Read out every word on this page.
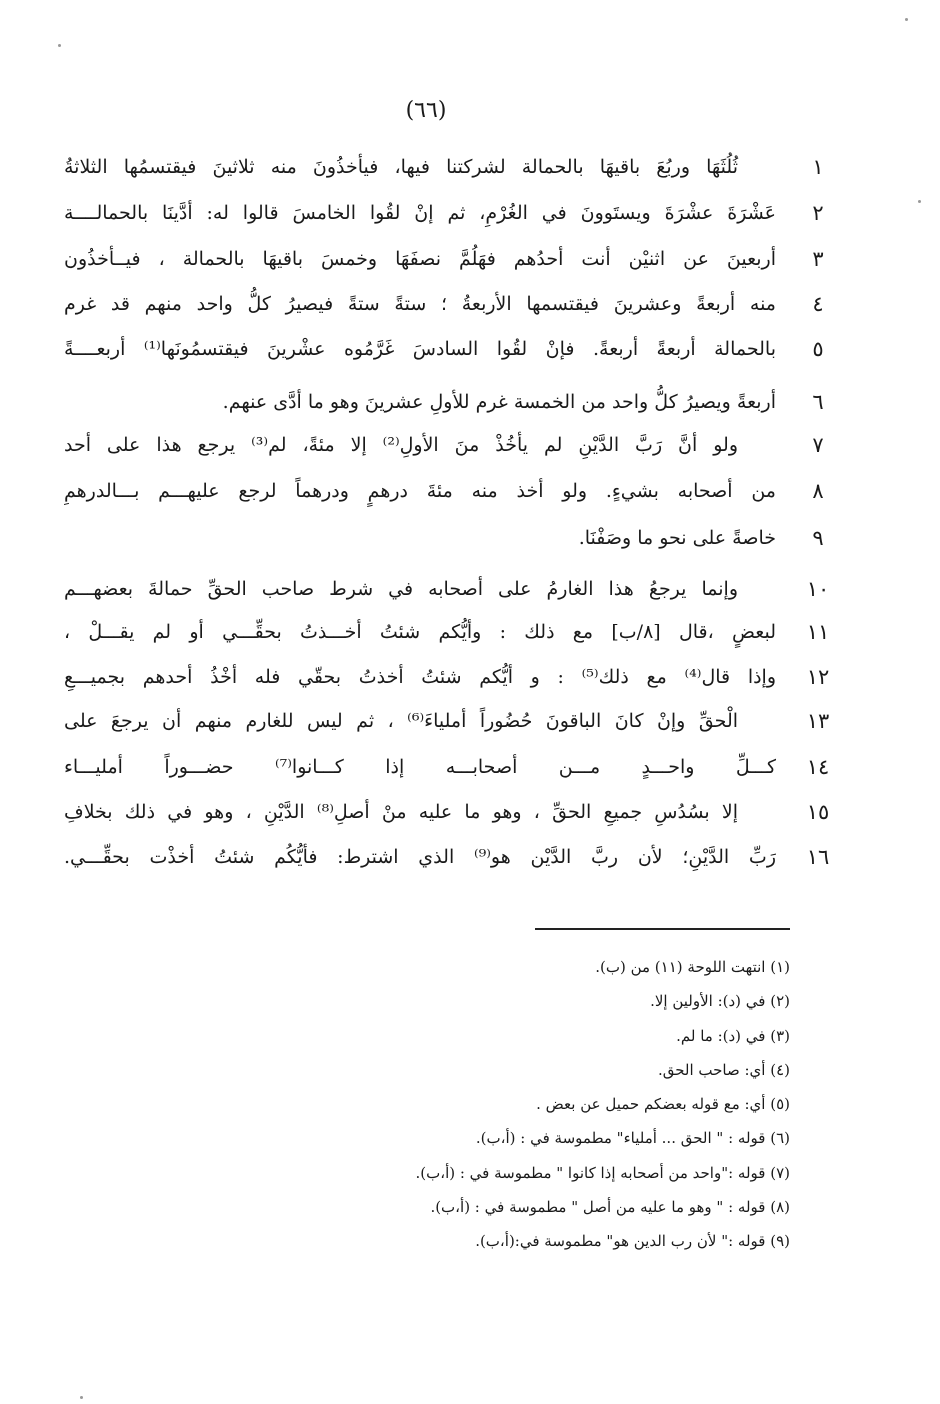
(٦٦)
(١) انتهت اللوحة (١١) من (ب).
(٢) في (د): الأولين إلا.
(٣) في (د): ما لم.
(٤) أي: صاحب الحق.
(٥) أي: مع قوله بعضكم حميل عن بعض .
(٦) قوله : " الحق ... أملياء" مطموسة في : (أ،ب).
(٧) قوله :"واحد من أصحابه إذا كانوا " مطموسة في : (أ،ب).
(٨) قوله : " وهو ما عليه من أصل " مطموسة في : (أ،ب).
(٩) قوله :" لأن رب الدين هو" مطموسة في:(أ،ب).
١
ثُلُثَهَا وربُعَ باقيهَا بالحمالة لشركتنا فيها، فيأخذُونَ منه ثلاثينَ فيقتسمُها الثلاثةُ
٢
عَشْرَةَ عشْرَةَ ويستَوونَ في الغُرْمِ، ثم إنْ لقُوا الخامسَ قالوا له: أدَّينَا بالحمالــــة
٣
أربعينَ عن اثنيْن أنت أحدُهم فهَلُمَّ نصفَهَا وخمسَ باقيهَا بالحمالة ، فيــأخذُون
٤
منه أربعةً وعشرينَ فيقتسمها الأربعةُ ؛ ستةً ستةً فيصيرُ كلُّ واحد منهم قد غرم
٥
بالحمالة أربعةً أربعةً. فإنْ لقُوا السادسَ غَرَّمُوه عشْرينَ فيقتسمُونَها⁽¹⁾ أربعــــةً
٦
أربعةً ويصيرُ كلُّ واحد من الخمسة غرم للأولِ عشرينَ وهو ما أدَّى عنهم.
٧
ولو أنَّ رَبَّ الدَّيْنِ لم يأخُذْ منَ الأولِ⁽²⁾ إلا مئةً، لم⁽³⁾ يرجع هذا على أحد
٨
من أصحابه بشيءٍ. ولو أخذ منه مئةَ درهمٍ ودرهماً لرجع عليهـــم بـــالدرهمِ
٩
خاصةً على نحو ما وصَفْنَا.
١٠
وإنما يرجعُ هذا الغارمُ على أصحابه في شرط صاحب الحقِّ حمالةَ بعضهـــم
١١
لبعضٍ ،قال [٨/ب] مع ذلك : وأيُّكم شئتُ أخـــذتُ بحقِّـــي أو لم يقـــلْ ،
١٢
وإذا قال⁽⁴⁾ مع ذلك⁽⁵⁾ : و أيُّكم شئتُ أخذتُ بحقّي فله أخْذُ أحدهم بجميـــعِ
١٣
الْحقِّ وإنْ كانَ الباقونَ حُضُوراً أملياءَ⁽⁶⁾ ، ثم ليس للغارم منهم أن يرجعَ على
١٤
كـــلِّ واحـــدٍ مـــن أصحابـــه إذا كـــانوا⁽⁷⁾ حضـــوراً أمليـــاء
١٥
إلا بسُدُسِ جميعِ الحقِّ ، وهو ما عليه منْ أصلِ⁽⁸⁾ الدَّيْنِ ، وهو في ذلك بخلافِ
١٦
رَبِّ الدَّيْنِ؛ لأن ربَّ الدَّيْن هو⁽⁹⁾ الذي اشترط: فأيُّكُم شئتُ أخذْت بحقِّـــي.
